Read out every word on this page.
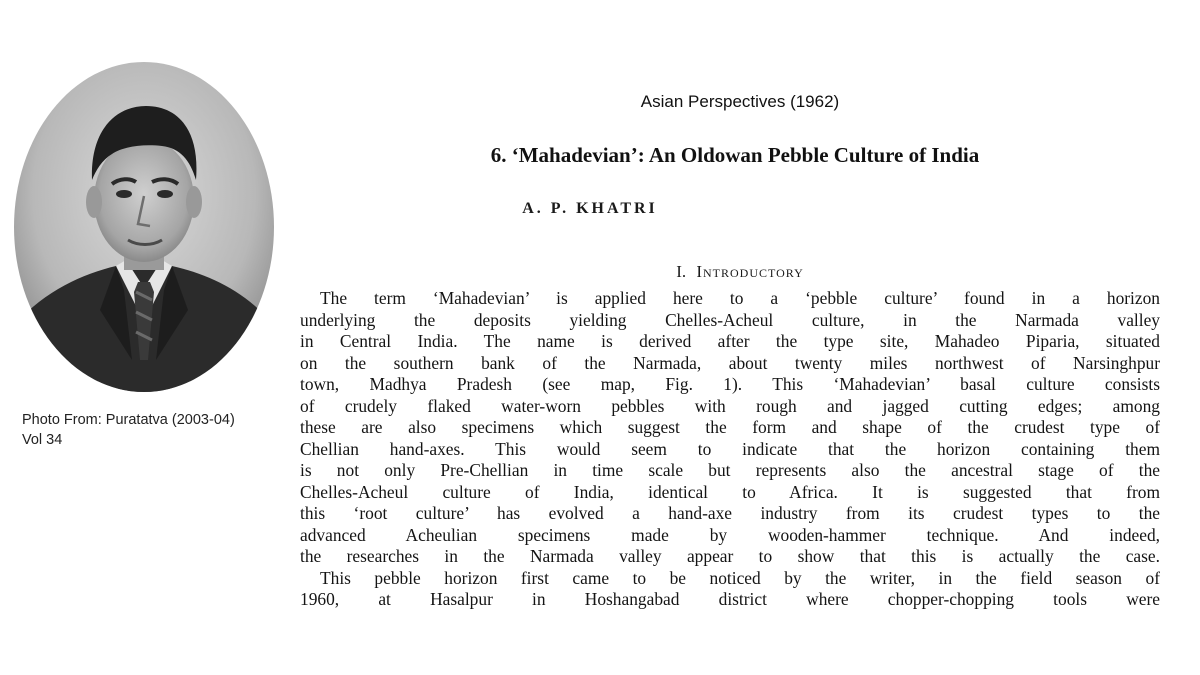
Photo From: Puratatva (2003-04)
Vol 34
Asian Perspectives (1962)
6. ‘Mahadevian’: An Oldowan Pebble Culture of India
A. P. KHATRI
I. Introductory
The term ‘Mahadevian’ is applied here to a ‘pebble culture’ found in a horizon
underlying the deposits yielding Chelles-Acheul culture, in the Narmada valley
in Central India. The name is derived after the type site, Mahadeo Piparia, situated
on the southern bank of the Narmada, about twenty miles northwest of Narsinghpur
town, Madhya Pradesh (see map, Fig. 1). This ‘Mahadevian’ basal culture consists
of crudely flaked water-worn pebbles with rough and jagged cutting edges; among
these are also specimens which suggest the form and shape of the crudest type of
Chellian hand-axes. This would seem to indicate that the horizon containing them
is not only Pre-Chellian in time scale but represents also the ancestral stage of the
Chelles-Acheul culture of India, identical to Africa. It is suggested that from
this ‘root culture’ has evolved a hand-axe industry from its crudest types to the
advanced Acheulian specimens made by wooden-hammer technique. And indeed,
the researches in the Narmada valley appear to show that this is actually the case.
This pebble horizon first came to be noticed by the writer, in the field season of
1960, at Hasalpur in Hoshangabad district where chopper-chopping tools were
